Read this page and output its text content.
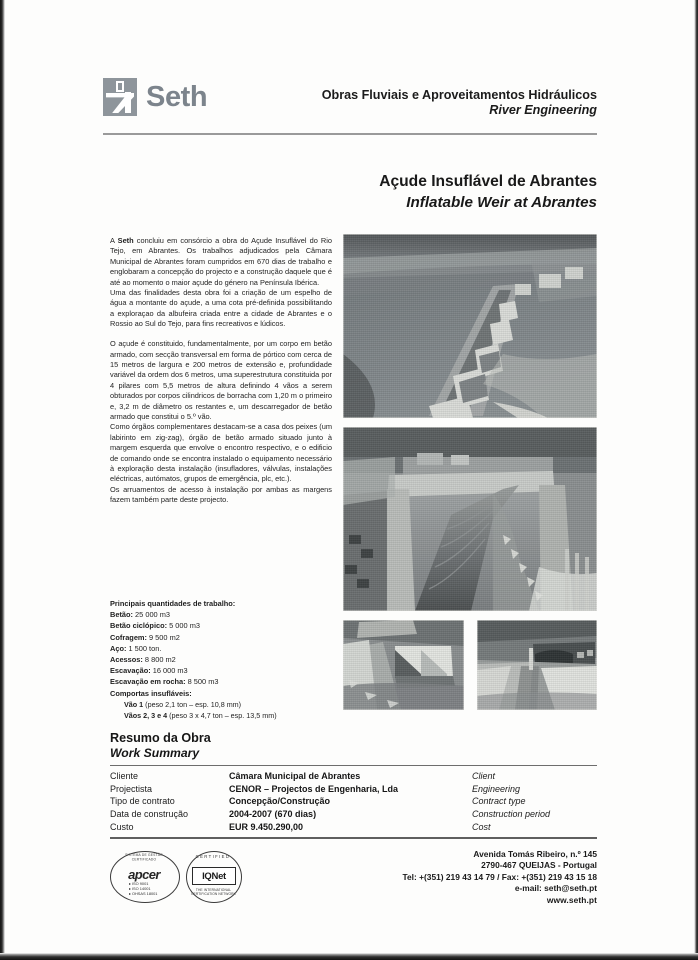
Seth	Obras Fluviais e Aproveitamentos Hidráulicos
River Engineering
Açude Insuflável de Abrantes
Inflatable Weir at Abrantes

A Seth concluiu em consórcio a obra do Açude Insuflável do Rio Tejo, em Abrantes. Os trabalhos adjudicados pela Câmara Municipal de Abrantes foram cumpridos em 670 dias de trabalho e englobaram a concepção do projecto e a construção daquele que é até ao momento o maior açude do género na Península Ibérica.

Uma das finalidades desta obra foi a criação de um espelho de água a montante do açude, a uma cota pré-definida possibilitando a exploraçao da albufeira criada entre a cidade de Abrantes e o Rossio ao Sul do Tejo, para fins recreativos e lúdicos.

O açude é constituido, fundamentalmente, por um corpo em betão armado, com secção transversal em forma de pórtico com cerca de 15 metros de largura e 200 metros de extensão e, profundidade variável da ordem dos 6 metros, uma superestrutura constituida por 4 pilares com 5,5 metros de altura definindo 4 vãos a serem obturados por corpos cilindricos de borracha com 1,20 m o primeiro e, 3,2 m de diâmetro os restantes e, um descarregador de betão armado que constitui o 5.º vão.

Como órgãos complementares destacam-se a casa dos peixes (um labirinto em zig-zag), órgão de betão armado situado junto à margem esquerda que envolve o encontro respectivo, e o edificio de comando onde se encontra instalado o equipamento necessário à exploração desta instalação (insufladores, válvulas, instalações eléctricas, autómatos, grupos de emergência, plc, etc.).

Os arruamentos de acesso à instalação por ambas as margens fazem também parte deste projecto.

Principais quantidades de trabalho:
Betão: 25 000 m3
Betão ciclópico: 5 000 m3
Cofragem: 9 500 m2
Aço: 1 500 ton.
Acessos: 8 800 m2
Escavação: 16 000 m3
Escavação em rocha: 8 500 m3
Comportas insufláveis:
Vão 1 (peso 2,1 ton – esp. 10,8 mm)
Vãos 2, 3 e 4 (peso 3 x 4,7 ton – esp. 13,5 mm)
Resumo da Obra
Work Summary
Cliente	Câmara Municipal de Abrantes	Client
Projectista	CENOR – Projectos de Engenharia, Lda	Engineering
Tipo de contrato	Concepção/Construção	Contract type
Data de construção	2004-2007 (670 dias)	Construction period
Custo	EUR 9.450.290,00	Cost
Avenida Tomás Ribeiro, n.º 145
2790-467 QUEIJAS - Portugal
Tel: +(351) 219 43 14 79 / Fax: +(351) 219 43 15 18
e-mail: seth@seth.pt
www.seth.pt
SISTEMA DE GESTÃO CERTIFICADO
apcer
▸ ISO 9001
▸ ISO 14001
▸ OHSAS 18001

CERTIFIED
IQNet
THE INTERNATIONAL CERTIFICATION NETWORK
